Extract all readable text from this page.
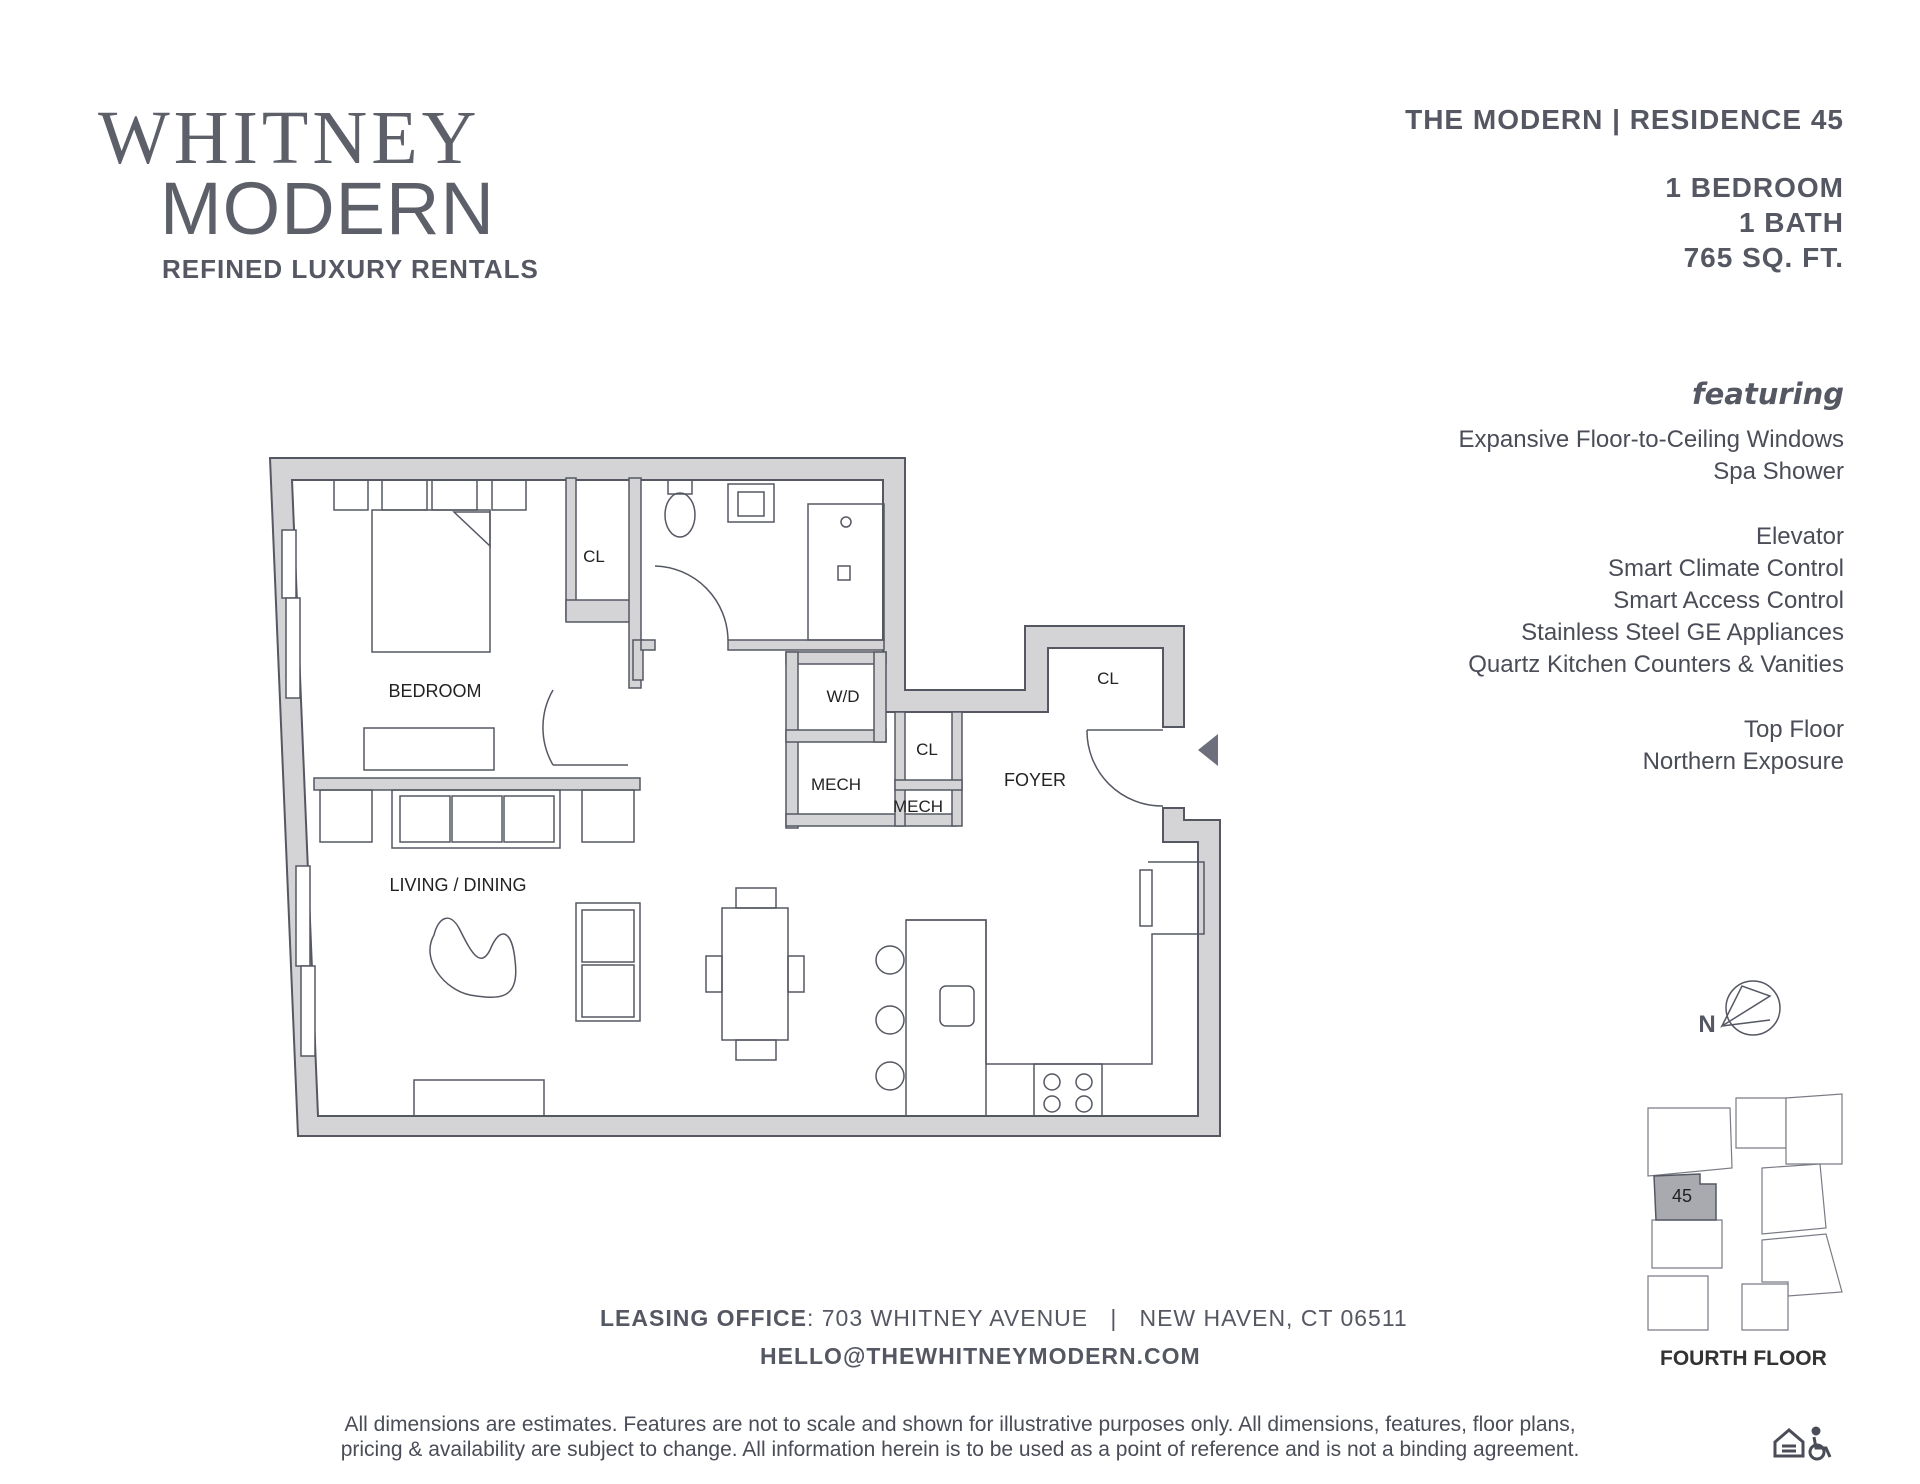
WHITNEY
MODERN
REFINED LUXURY RENTALS
THE MODERN | RESIDENCE 45
1 BEDROOM
1 BATH
765 SQ. FT.
featuring
Expansive Floor-to-Ceiling Windows
Spa Shower
Elevator
Smart Climate Control
Smart Access Control
Stainless Steel GE Appliances
Quartz Kitchen Counters & Vanities
Top Floor
Northern Exposure
CL
BEDROOM	W/D
CL
MECH
MECH
FOYER
CL
LIVING / DINING
N
45
FOURTH FLOOR
LEASING OFFICE: 703 WHITNEY AVENUE | NEW HAVEN, CT 06511
HELLO@THEWHITNEYMODERN.COM
All dimensions are estimates. Features are not to scale and shown for illustrative purposes only. All dimensions, features, floor plans,
pricing & availability are subject to change. All information herein is to be used as a point of reference and is not a binding agreement.
